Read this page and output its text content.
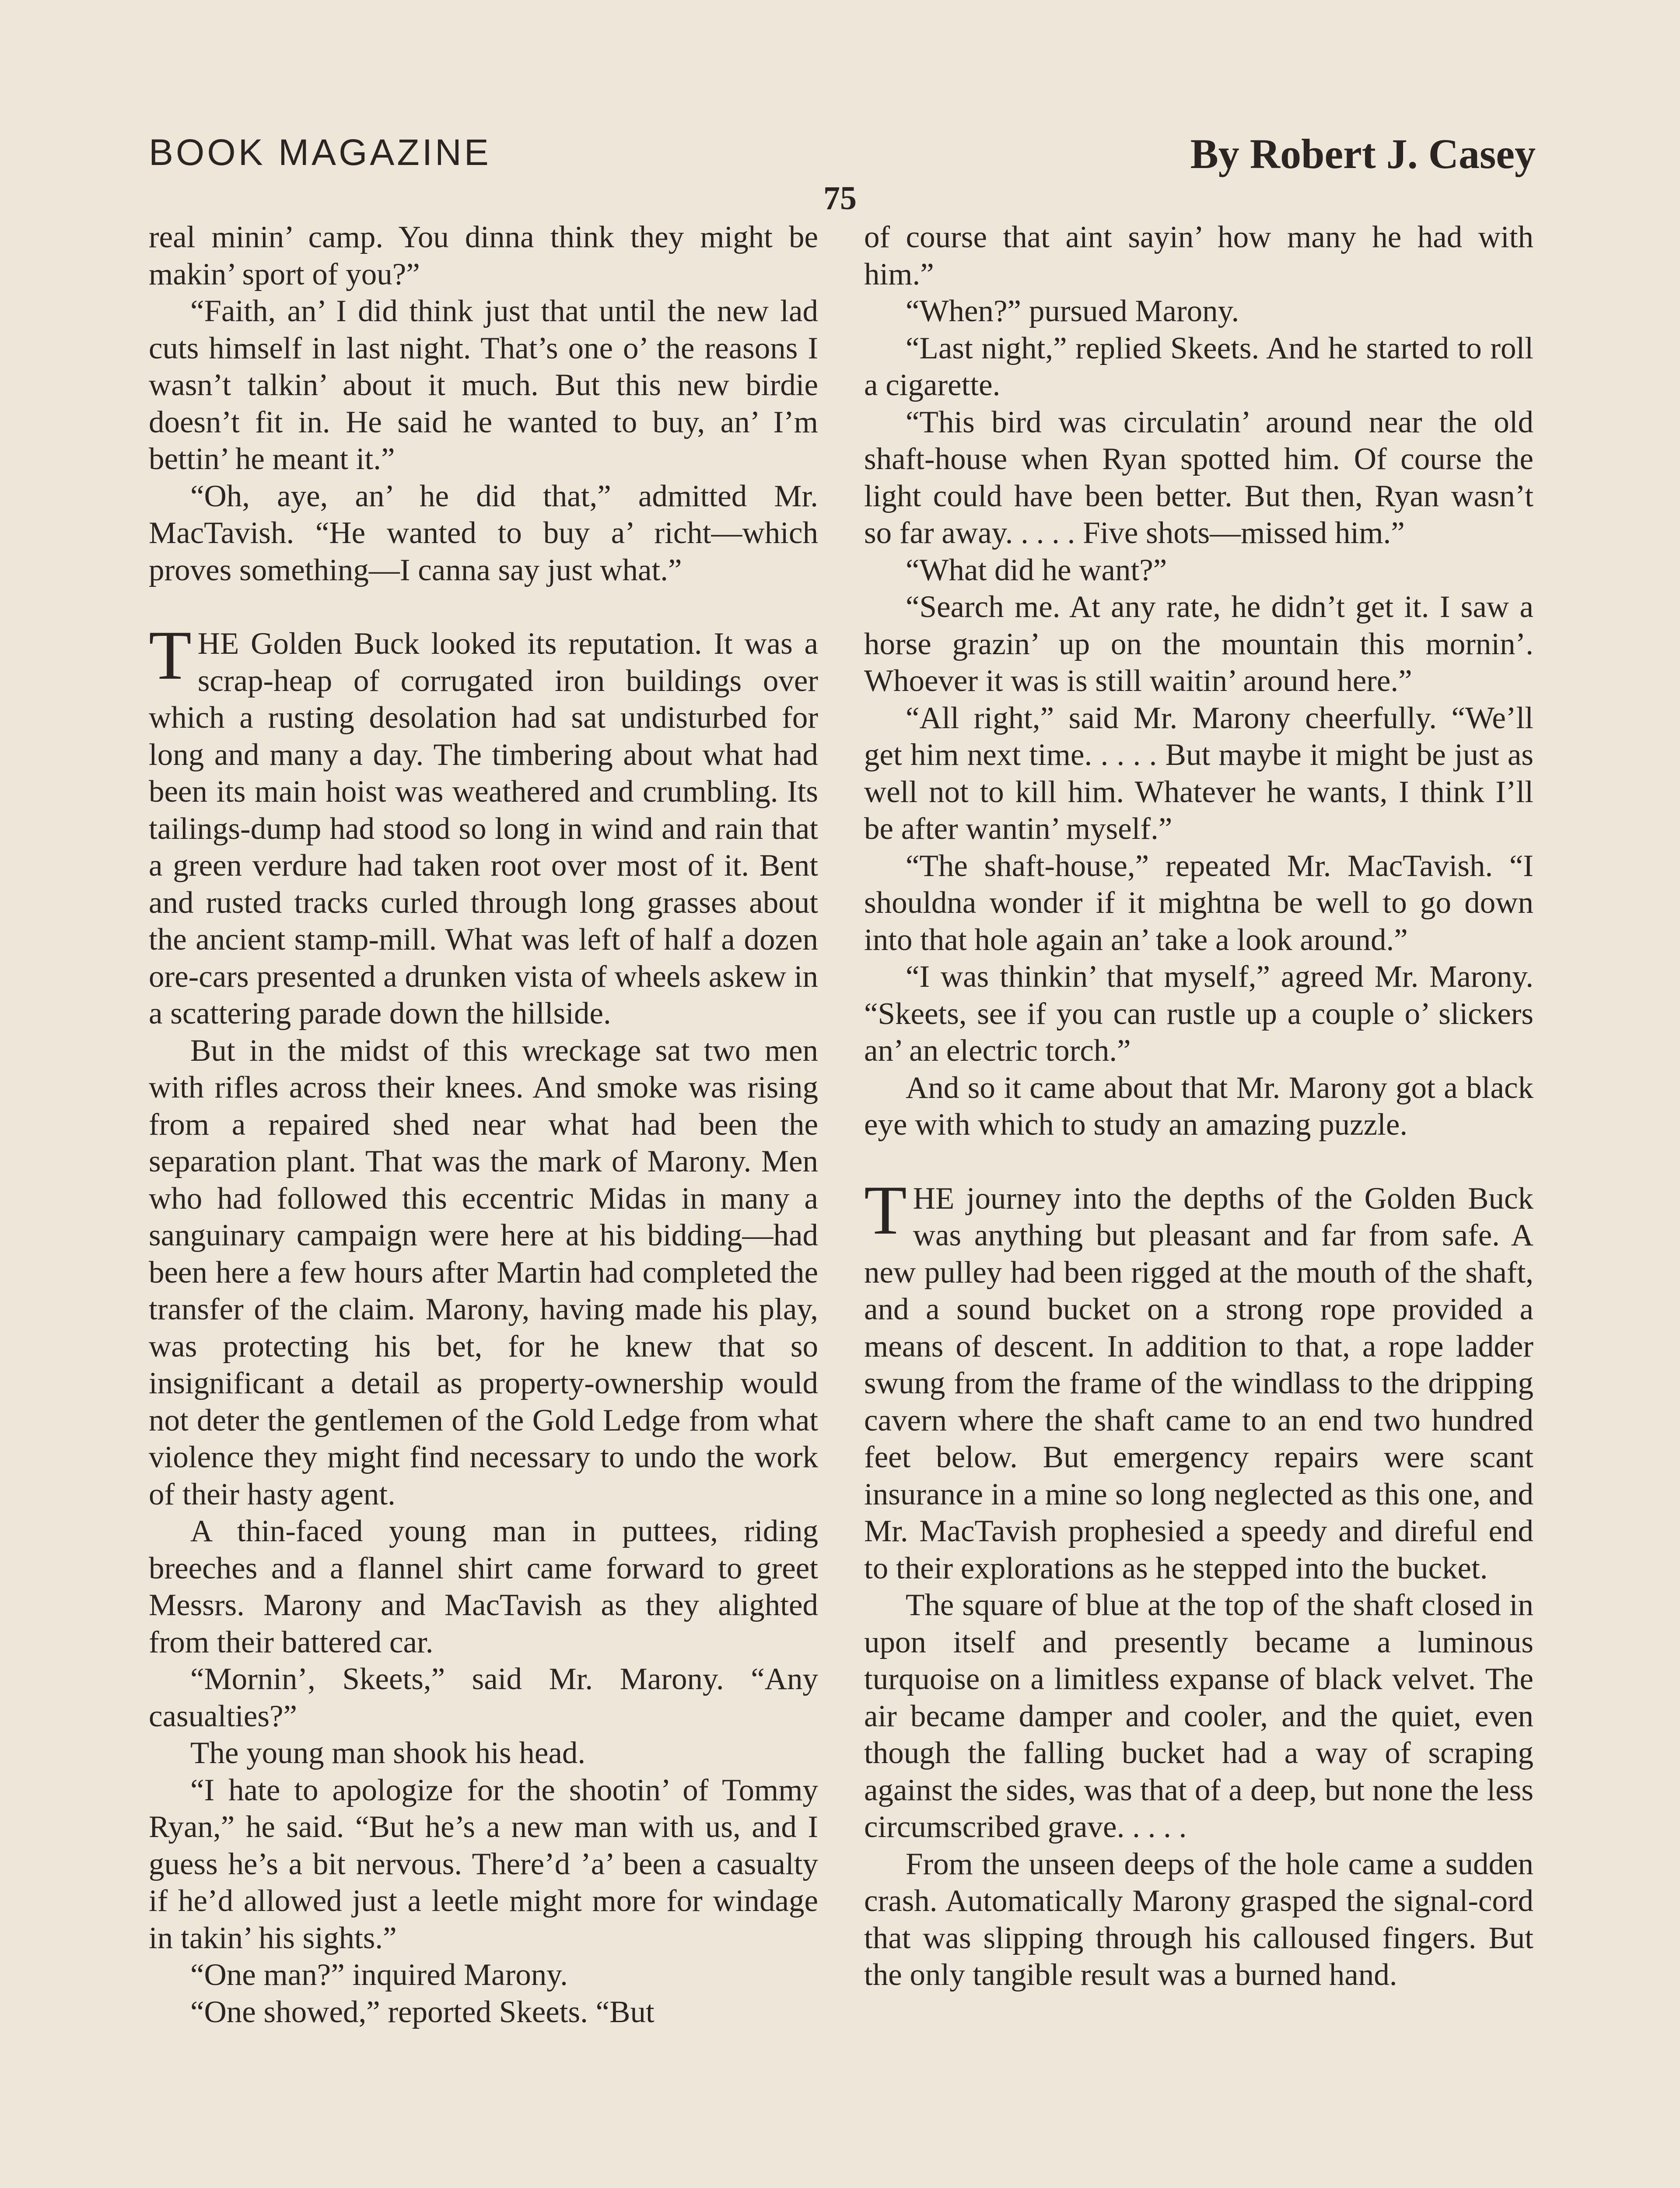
BOOK MAGAZINE	By Robert J. Casey
75

real minin’ camp. You dinna think they might be makin’ sport of you?”

“Faith, an’ I did think just that until the new lad cuts himself in last night. That’s one o’ the reasons I wasn’t talkin’ about it much. But this new birdie doesn’t fit in. He said he wanted to buy, an’ I’m bettin’ he meant it.”

“Oh, aye, an’ he did that,” admitted Mr. MacTavish. “He wanted to buy a’ richt—which proves something—I canna say just what.”

THE Golden Buck looked its reputation. It was a scrap-heap of corrugated iron buildings over which a rusting desolation had sat undisturbed for long and many a day. The timbering about what had been its main hoist was weathered and crumbling. Its tailings-dump had stood so long in wind and rain that a green verdure had taken root over most of it. Bent and rusted tracks curled through long grasses about the ancient stamp-mill. What was left of half a dozen ore-cars presented a drunken vista of wheels askew in a scattering parade down the hillside.

But in the midst of this wreckage sat two men with rifles across their knees. And smoke was rising from a repaired shed near what had been the separation plant. That was the mark of Marony. Men who had followed this eccentric Midas in many a sanguinary campaign were here at his bidding—had been here a few hours after Martin had completed the transfer of the claim. Marony, having made his play, was protecting his bet, for he knew that so insignificant a detail as property-ownership would not deter the gentlemen of the Gold Ledge from what violence they might find necessary to undo the work of their hasty agent.

A thin-faced young man in puttees, riding breeches and a flannel shirt came forward to greet Messrs. Marony and MacTavish as they alighted from their battered car.

“Mornin’, Skeets,” said Mr. Marony. “Any casualties?”

The young man shook his head.

“I hate to apologize for the shootin’ of Tommy Ryan,” he said. “But he’s a new man with us, and I guess he’s a bit nervous. There’d ’a’ been a casualty if he’d allowed just a leetle might more for windage in takin’ his sights.”

“One man?” inquired Marony.

“One showed,” reported Skeets. “But

of course that aint sayin’ how many he had with him.”

“When?” pursued Marony.

“Last night,” replied Skeets. And he started to roll a cigarette.

“This bird was circulatin’ around near the old shaft-house when Ryan spotted him. Of course the light could have been better. But then, Ryan wasn’t so far away. . . . . Five shots—missed him.”

“What did he want?”

“Search me. At any rate, he didn’t get it. I saw a horse grazin’ up on the mountain this mornin’. Whoever it was is still waitin’ around here.”

“All right,” said Mr. Marony cheerfully. “We’ll get him next time. . . . . But maybe it might be just as well not to kill him. Whatever he wants, I think I’ll be after wantin’ myself.”

“The shaft-house,” repeated Mr. MacTavish. “I shouldna wonder if it mightna be well to go down into that hole again an’ take a look around.”

“I was thinkin’ that myself,” agreed Mr. Marony. “Skeets, see if you can rustle up a couple o’ slickers an’ an electric torch.”

And so it came about that Mr. Marony got a black eye with which to study an amazing puzzle.

THE journey into the depths of the Golden Buck was anything but pleasant and far from safe. A new pulley had been rigged at the mouth of the shaft, and a sound bucket on a strong rope provided a means of descent. In addition to that, a rope ladder swung from the frame of the windlass to the dripping cavern where the shaft came to an end two hundred feet below. But emergency repairs were scant insurance in a mine so long neglected as this one, and Mr. MacTavish prophesied a speedy and direful end to their explorations as he stepped into the bucket.

The square of blue at the top of the shaft closed in upon itself and presently became a luminous turquoise on a limitless expanse of black velvet. The air became damper and cooler, and the quiet, even though the falling bucket had a way of scraping against the sides, was that of a deep, but none the less circumscribed grave. . . . .

From the unseen deeps of the hole came a sudden crash. Automatically Marony grasped the signal-cord that was slipping through his calloused fingers. But the only tangible result was a burned hand.
